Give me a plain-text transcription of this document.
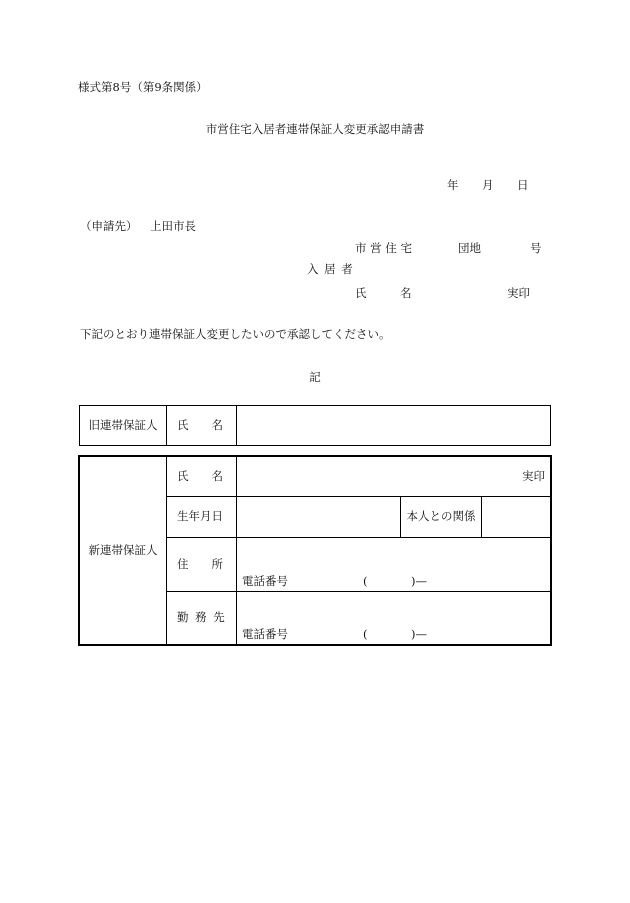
様式第8号（第9条関係）
市営住宅入居者連帯保証人変更承認申請書
年 月 日
（申請先） 上田市長
市 営 住 宅	団地	号
入 居 者
氏	名	実印
下記のとおり連帯保証人変更したいので承認してください。
記
旧連帯保証人	氏　　名
新連帯保証人
氏　　名	実印
生年月日	本人との関係
住　　所
電話番号	(	)—
勤 務 先
電話番号	(	)—
